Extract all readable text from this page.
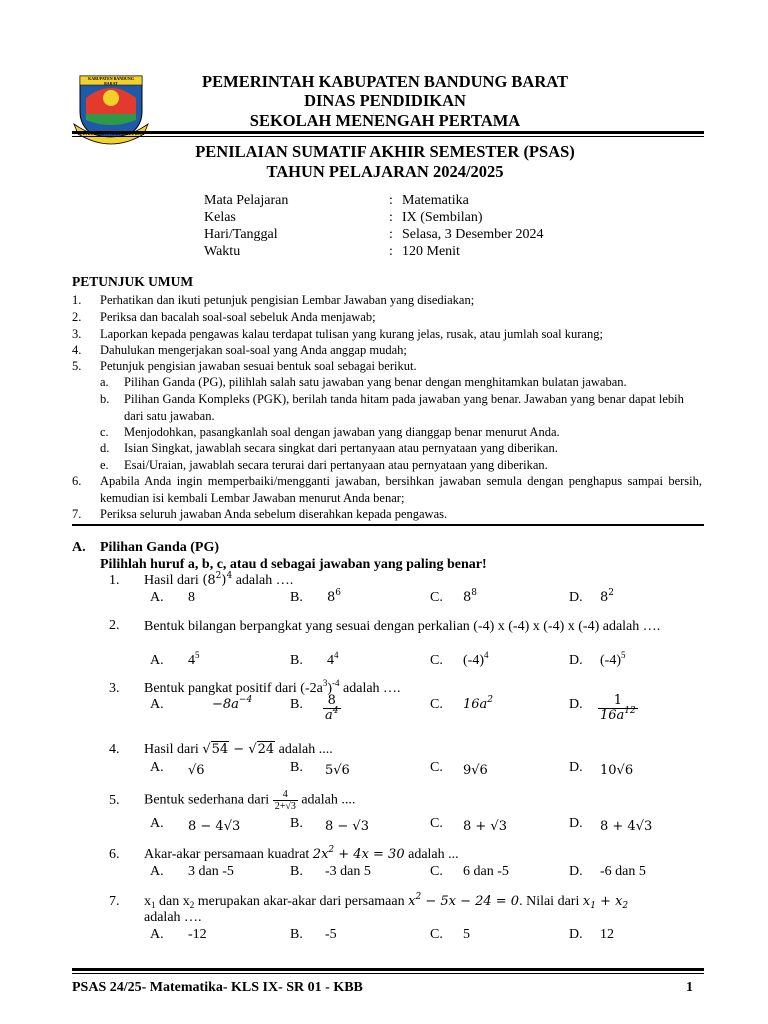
KABUPATEN BANDUNG BARAT	PEMERINTAH KABUPATEN BANDUNG BARAT
DINAS PENDIDIKAN
SEKOLAH MENENGAH PERTAMA
PENILAIAN SUMATIF AKHIR SEMESTER (PSAS)
TAHUN PELAJARAN 2024/2025
Mata Pelajaran	: Matematika
Kelas	: IX (Sembilan)
Hari/Tanggal	: Selasa, 3 Desember 2024
Waktu	: 120 Menit
PETUNJUK UMUM
1. Perhatikan dan ikuti petunjuk pengisian Lembar Jawaban yang disediakan;
2. Periksa dan bacalah soal-soal sebeluk Anda menjawab;
3. Laporkan kepada pengawas kalau terdapat tulisan yang kurang jelas, rusak, atau jumlah soal kurang;
4. Dahulukan mengerjakan soal-soal yang Anda anggap mudah;
5. Petunjuk pengisian jawaban sesuai bentuk soal sebagai berikut.
a. Pilihan Ganda (PG), pilihlah salah satu jawaban yang benar dengan menghitamkan bulatan jawaban.
b. Pilihan Ganda Kompleks (PGK), berilah tanda hitam pada jawaban yang benar. Jawaban yang benar dapat lebih dari satu jawaban.
c. Menjodohkan, pasangkanlah soal dengan jawaban yang dianggap benar menurut Anda.
d. Isian Singkat, jawablah secara singkat dari pertanyaan atau pernyataan yang diberikan.
e. Esai/Uraian, jawablah secara terurai dari pertanyaan atau pernyataan yang diberikan.
6. Apabila Anda ingin memperbaiki/mengganti jawaban, bersihkan jawaban semula dengan penghapus sampai bersih, kemudian isi kembali Lembar Jawaban menurut Anda benar;
7. Periksa seluruh jawaban Anda sebelum diserahkan kepada pengawas.
A. Pilihan Ganda (PG)
Pilihlah huruf a, b, c, atau d sebagai jawaban yang paling benar!
1. Hasil dari $(8^2)^4$ adalah ….
A. 8	B. $8^6$	C. $8^8$	D. $8^2$
2. Bentuk bilangan berpangkat yang sesuai dengan perkalian (-4) x (-4) x (-4) x (-4) adalah ….
A. $4^5$	B. $4^4$	C. $(-4)^4$	D. $(-4)^5$
3. Bentuk pangkat positif dari $(-2a^3)^{-4}$ adalah ….
A.	$-8a^{-4}$	B. $\frac{8}{a^4}$	C. $16a^2$	D. $\frac{1}{16a^{12}}$
4. Hasil dari √54 − √24 adalah ....
A. √6	B. 5√6	C. 9√6	D. 10√6
5. Bentuk sederhana dari $\frac{4}{2+√3}$ adalah ....
A. 8 − 4√3	B. 8 − √3	C. 8 + √3	D. 8 + 4√3
6. Akar-akar persamaan kuadrat $2x^2 + 4x = 30$ adalah ...
A. 3 dan -5	B. -3 dan 5	C. 6 dan -5	D. -6 dan 5
7. $x_1$ dan $x_2$ merupakan akar-akar dari persamaan $x^2 - 5x - 24 = 0$. Nilai dari $x_1 + x_2$
adalah ….
A. -12	B. -5	C. 5	D. 12
PSAS 24/25- Matematika- KLS IX- SR 01 - KBB	1
